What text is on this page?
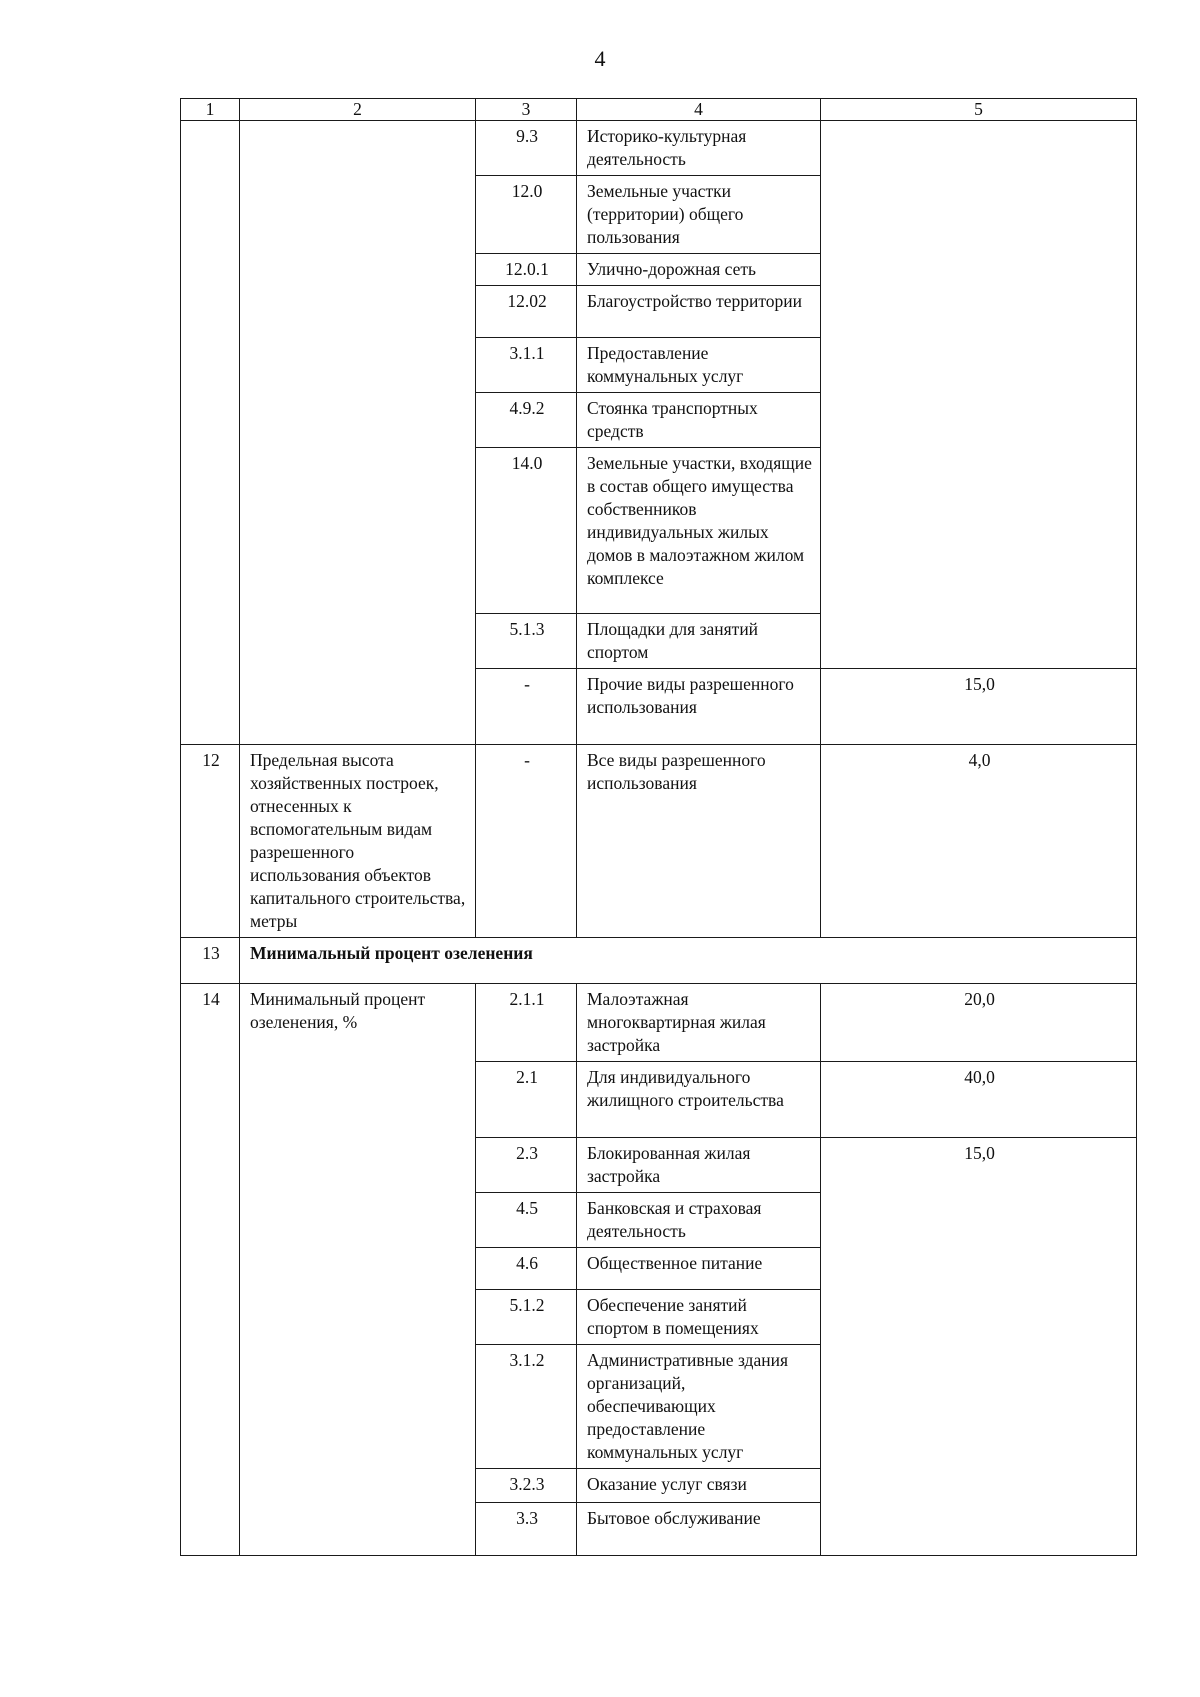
4
1	2	3	4	5
		9.3	Историко-культурная деятельность	
		12.0	Земельные участки (территории) общего пользования	
		12.0.1	Улично-дорожная сеть	
		12.02	Благоустройство территории	
		3.1.1	Предоставление коммунальных услуг	
		4.9.2	Стоянка транспортных средств	
		14.0	Земельные участки, входящие в состав общего имущества собственников индивидуальных жилых домов в малоэтажном жилом комплексе	
		5.1.3	Площадки для занятий спортом	
		-	Прочие виды разрешенного использования	15,0
12	Предельная высота хозяйственных построек, отнесенных к вспомогательным видам разрешенного использования объектов капитального строительства, метры	-	Все виды разрешенного использования	4,0
13	Минимальный процент озеленения			
14	Минимальный процент озеленения, %	2.1.1	Малоэтажная многоквартирная жилая застройка	20,0
		2.1	Для индивидуального жилищного строительства	40,0
		2.3	Блокированная жилая застройка	15,0
		4.5	Банковская и страховая деятельность	
		4.6	Общественное питание	
		5.1.2	Обеспечение занятий спортом в помещениях	
		3.1.2	Административные здания организаций, обеспечивающих предоставление коммунальных услуг	
		3.2.3	Оказание услуг связи	
		3.3	Бытовое обслуживание	
